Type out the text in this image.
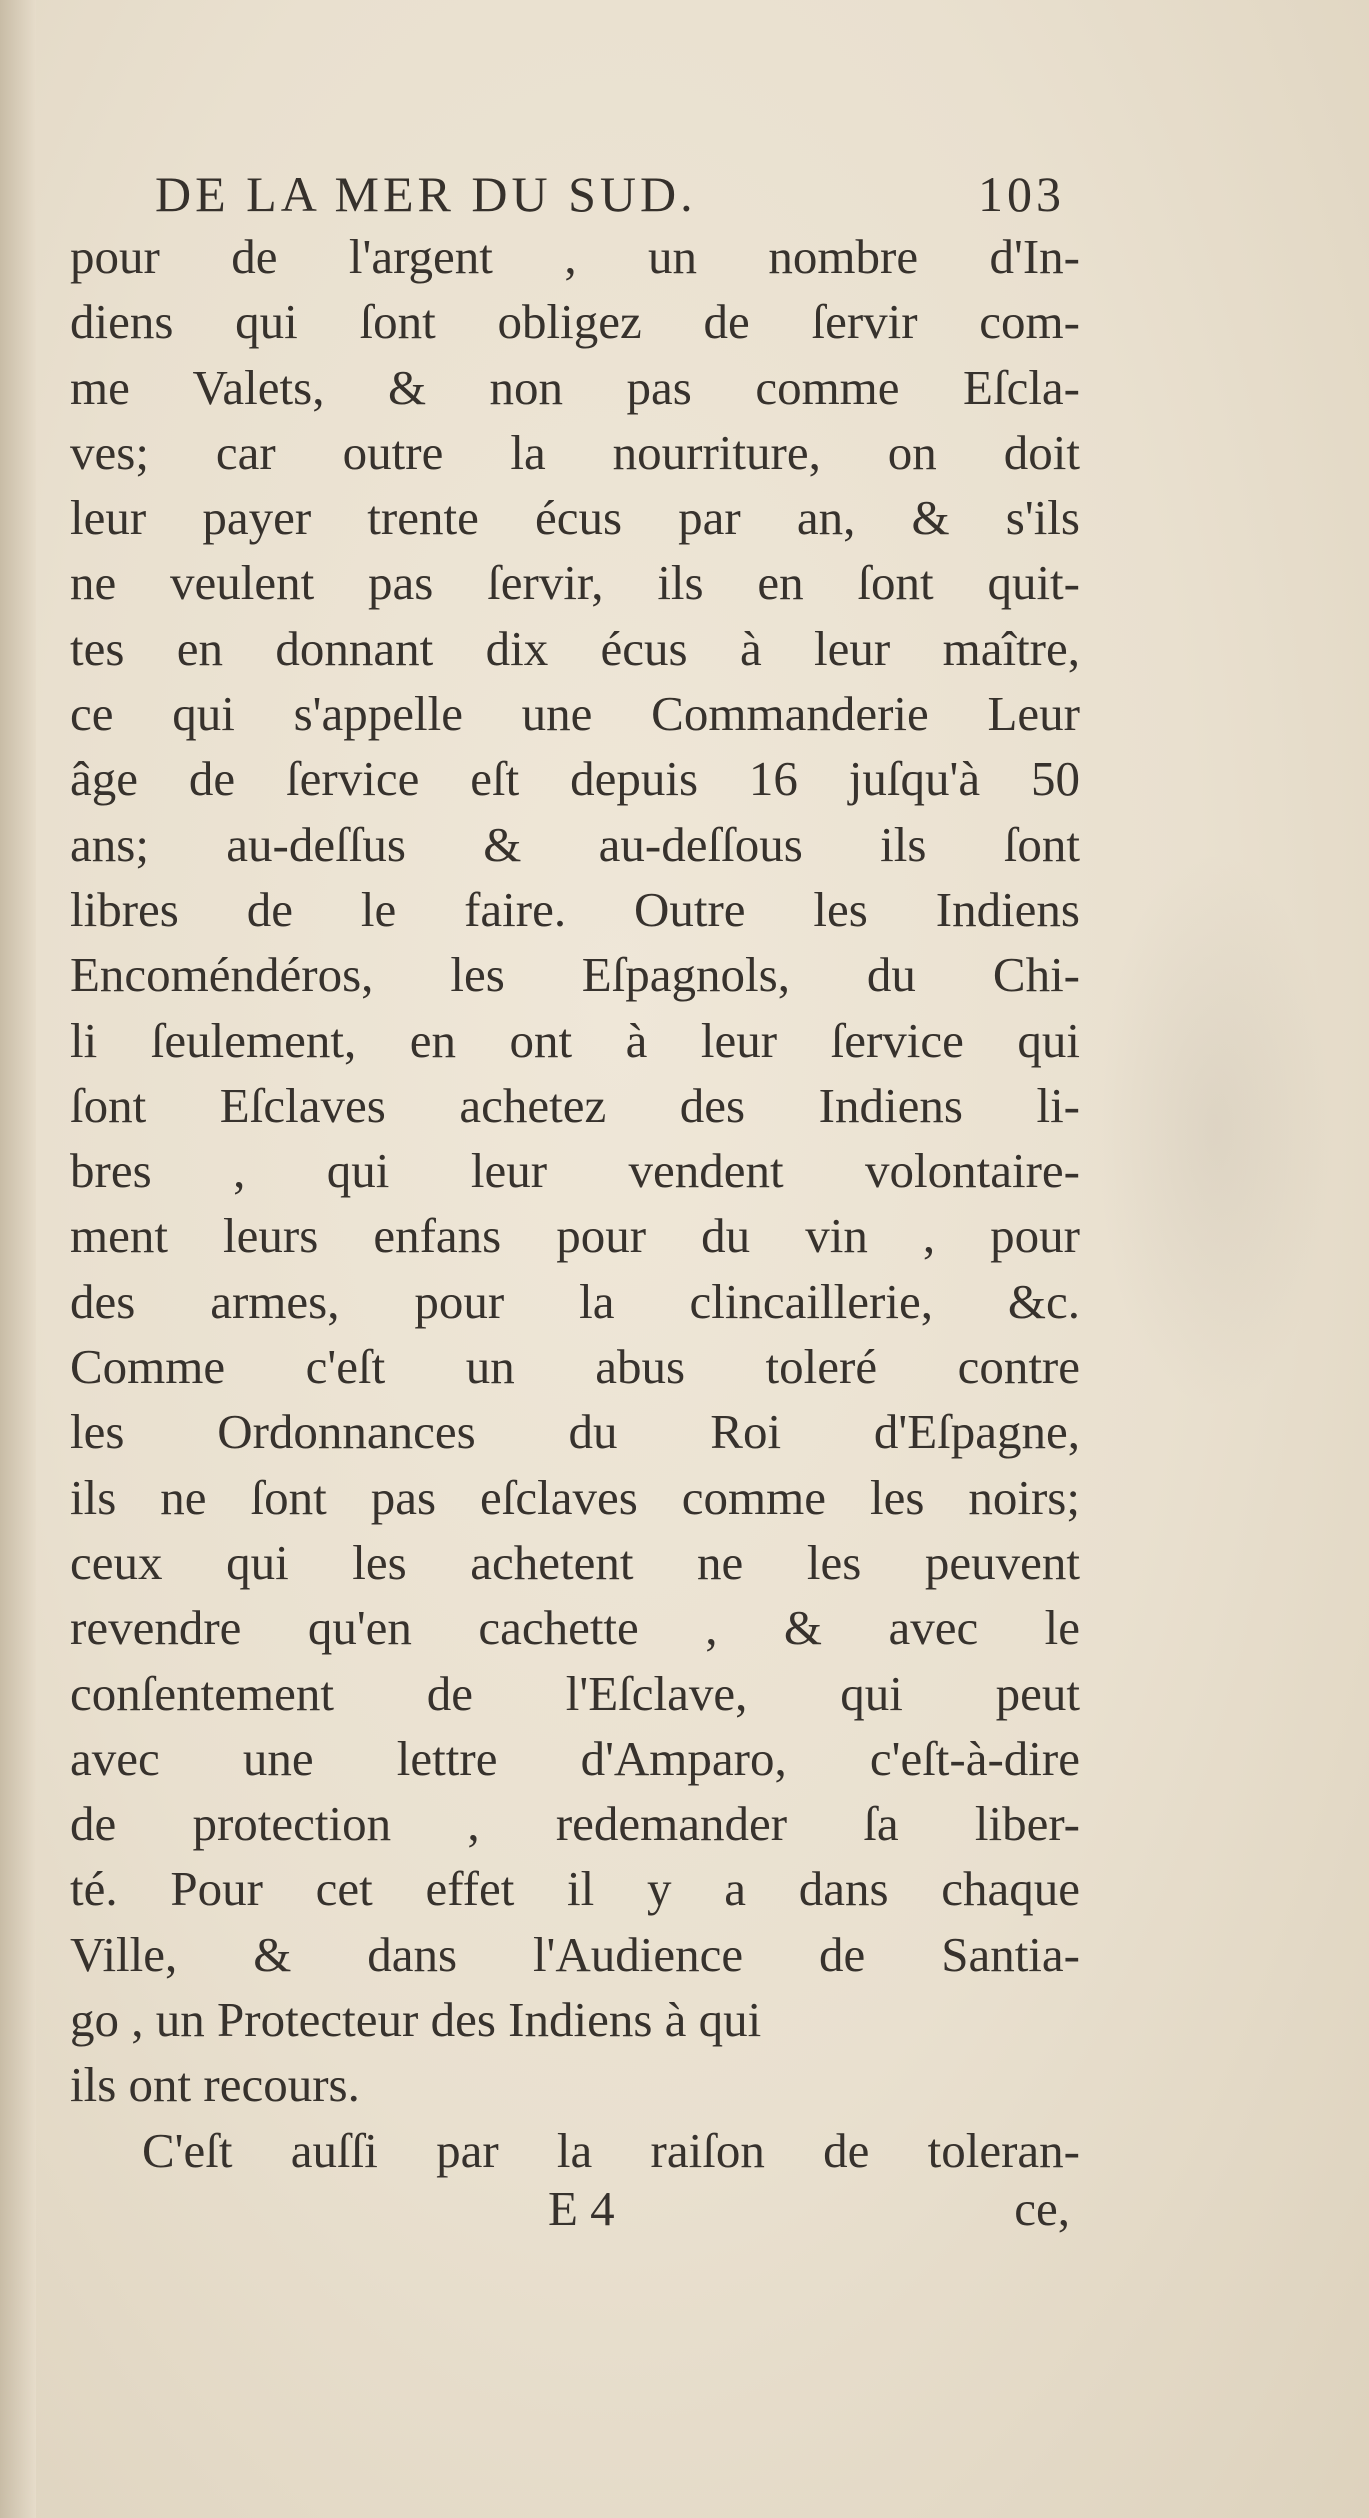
DE LA MER DU SUD.	103
pour de l'argent , un nombre d'In-
diens qui ſont obligez de ſervir com-
me Valets, & non pas comme Eſcla-
ves; car outre la nourriture, on doit
leur payer trente écus par an, & s'ils
ne veulent pas ſervir, ils en ſont quit-
tes en donnant dix écus à leur maître,
ce qui s'appelle une Commanderie Leur
âge de ſervice eſt depuis 16 juſqu'à 50
ans; au-deſſus & au-deſſous ils ſont
libres de le faire. Outre les Indiens
Encoméndéros, les Eſpagnols, du Chi-
li ſeulement, en ont à leur ſervice qui
ſont Eſclaves achetez des Indiens li-
bres , qui leur vendent volontaire-
ment leurs enfans pour du vin , pour
des armes, pour la clincaillerie, &c.
Comme c'eſt un abus toleré contre
les Ordonnances du Roi d'Eſpagne,
ils ne ſont pas eſclaves comme les noirs;
ceux qui les achetent ne les peuvent
revendre qu'en cachette , & avec le
conſentement de l'Eſclave, qui peut
avec une lettre d'Amparo, c'eſt-à-dire
de protection , redemander ſa liber-
té. Pour cet effet il y a dans chaque
Ville, & dans l'Audience de Santia-
go , un Protecteur des Indiens à qui
ils ont recours.
C'eſt auſſi par la raiſon de toleran-
E 4	ce,
